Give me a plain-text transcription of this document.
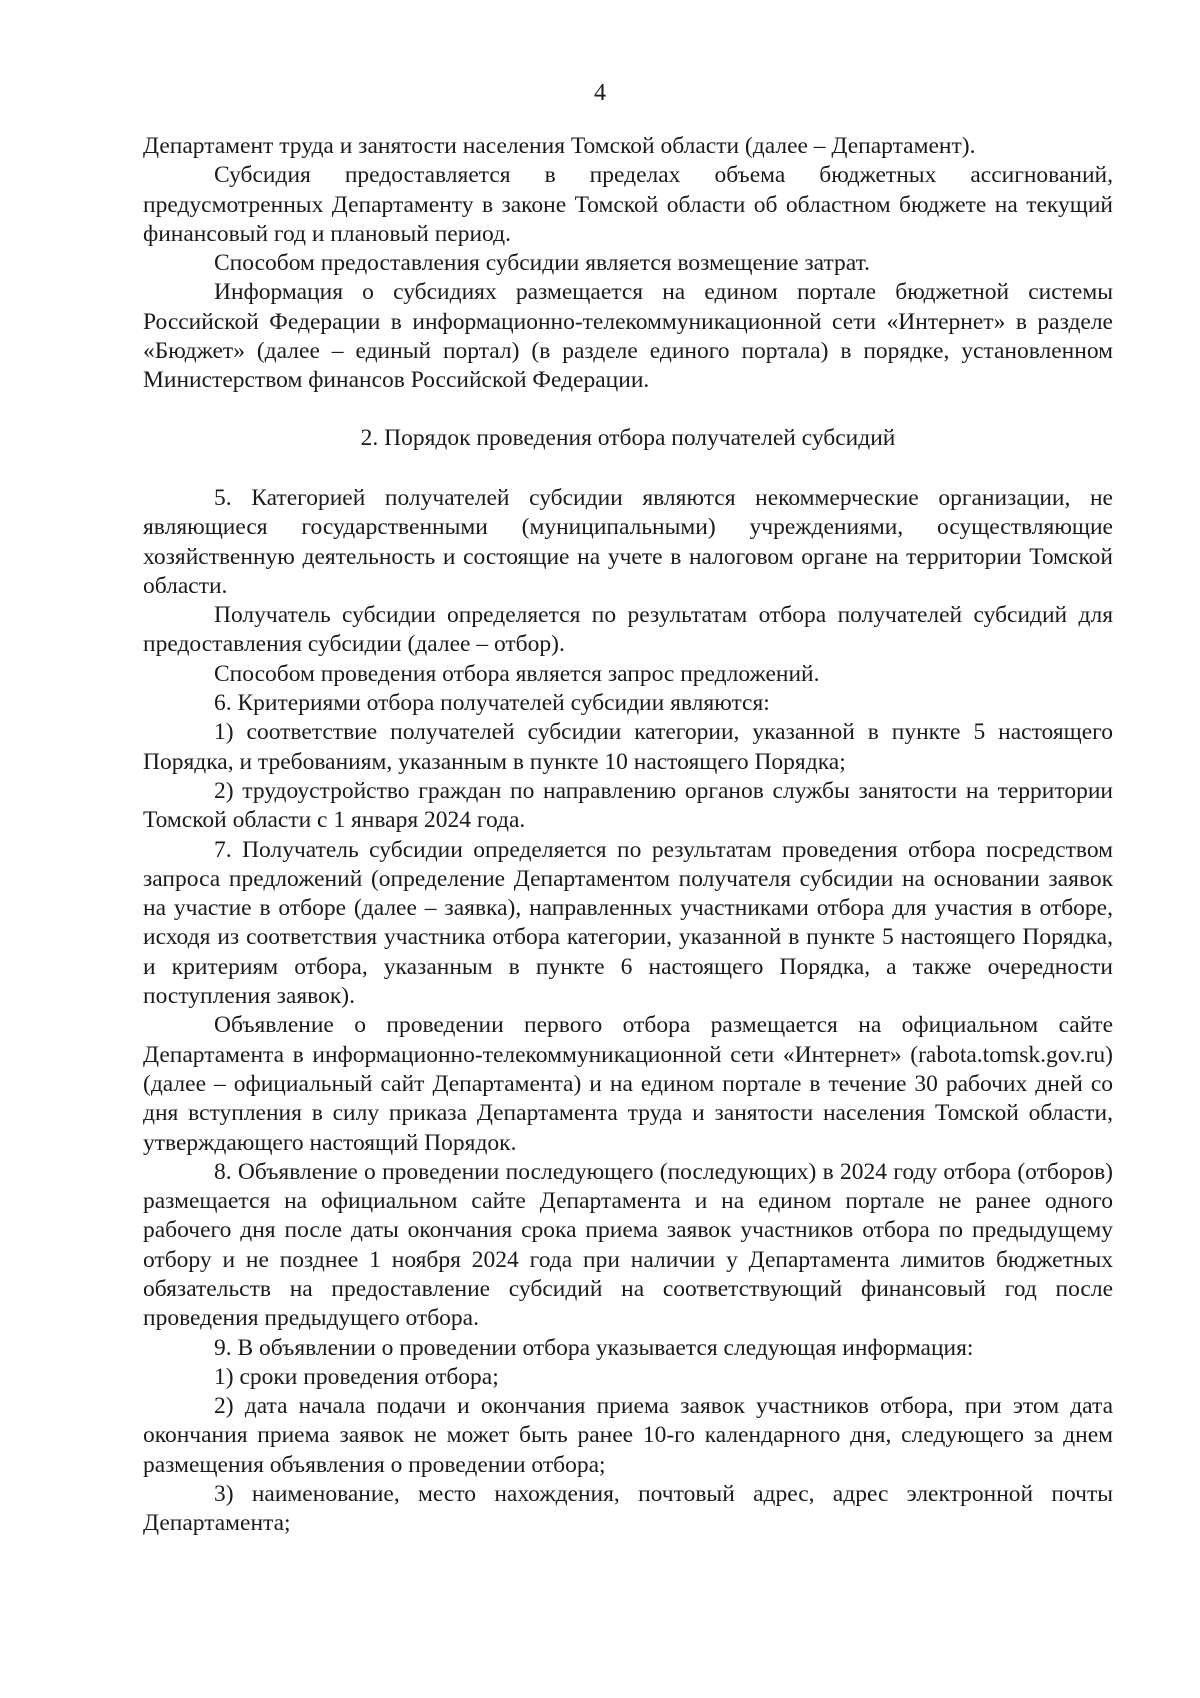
4

Департамент труда и занятости населения Томской области (далее – Департамент).

Субсидия предоставляется в пределах объема бюджетных ассигнований, предусмотренных Департаменту в законе Томской области об областном бюджете на текущий финансовый год и плановый период.

Способом предоставления субсидии является возмещение затрат.

Информация о субсидиях размещается на едином портале бюджетной системы Российской Федерации в информационно-телекоммуникационной сети «Интернет» в разделе «Бюджет» (далее – единый портал) (в разделе единого портала) в порядке, установленном Министерством финансов Российской Федерации.

2. Порядок проведения отбора получателей субсидий

5. Категорией получателей субсидии являются некоммерческие организации, не являющиеся государственными (муниципальными) учреждениями, осуществляющие хозяйственную деятельность и состоящие на учете в налоговом органе на территории Томской области.

Получатель субсидии определяется по результатам отбора получателей субсидий для предоставления субсидии (далее – отбор).

Способом проведения отбора является запрос предложений.

6. Критериями отбора получателей субсидии являются:

1) соответствие получателей субсидии категории, указанной в пункте 5 настоящего Порядка, и требованиям, указанным в пункте 10 настоящего Порядка;

2) трудоустройство граждан по направлению органов службы занятости на территории Томской области с 1 января 2024 года.

7. Получатель субсидии определяется по результатам проведения отбора посредством запроса предложений (определение Департаментом получателя субсидии на основании заявок на участие в отборе (далее – заявка), направленных участниками отбора для участия в отборе, исходя из соответствия участника отбора категории, указанной в пункте 5 настоящего Порядка, и критериям отбора, указанным в пункте 6 настоящего Порядка, а также очередности поступления заявок).

Объявление о проведении первого отбора размещается на официальном сайте Департамента в информационно-телекоммуникационной сети «Интернет» (rabota.tomsk.gov.ru) (далее – официальный сайт Департамента) и на едином портале в течение 30 рабочих дней со дня вступления в силу приказа Департамента труда и занятости населения Томской области, утверждающего настоящий Порядок.

8. Объявление о проведении последующего (последующих) в 2024 году отбора (отборов) размещается на официальном сайте Департамента и на едином портале не ранее одного рабочего дня после даты окончания срока приема заявок участников отбора по предыдущему отбору и не позднее 1 ноября 2024 года при наличии у Департамента лимитов бюджетных обязательств на предоставление субсидий на соответствующий финансовый год после проведения предыдущего отбора.

9. В объявлении о проведении отбора указывается следующая информация:

1) сроки проведения отбора;

2) дата начала подачи и окончания приема заявок участников отбора, при этом дата окончания приема заявок не может быть ранее 10-го календарного дня, следующего за днем размещения объявления о проведении отбора;

3) наименование, место нахождения, почтовый адрес, адрес электронной почты Департамента;
